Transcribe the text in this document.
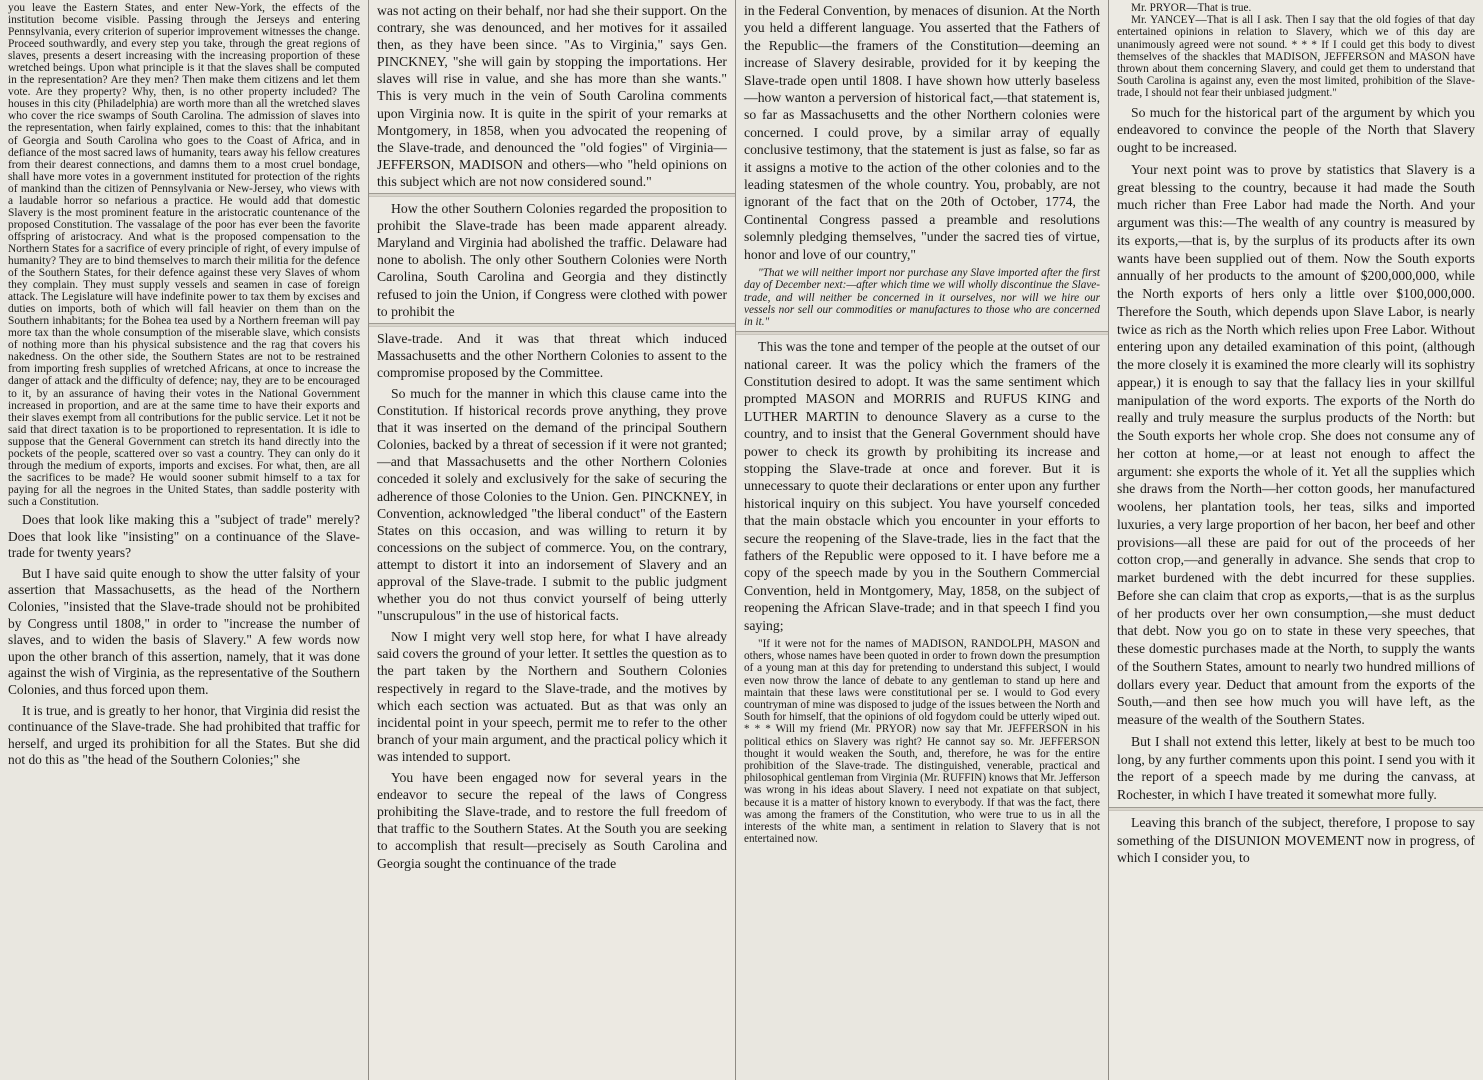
you leave the Eastern States, and enter New-York, the effects of the institution become visible. Passing through the Jerseys and entering Pennsylvania, every criterion of superior improvement witnesses the change. Proceed southwardly, and every step you take, through the great regions of slaves, presents a desert increasing with the increasing proportion of these wretched beings. Upon what principle is it that the slaves shall be computed in the representation? Are they men? Then make them citizens and let them vote. Are they property? Why, then, is no other property included? The houses in this city (Philadelphia) are worth more than all the wretched slaves who cover the rice swamps of South Carolina. The admission of slaves into the representation, when fairly explained, comes to this: that the inhabitant of Georgia and South Carolina who goes to the Coast of Africa, and in defiance of the most sacred laws of humanity, tears away his fellow creatures from their dearest connections, and damns them to a most cruel bondage, shall have more votes in a government instituted for protection of the rights of mankind than the citizen of Pennsylvania or New-Jersey, who views with a laudable horror so nefarious a practice. He would add that domestic Slavery is the most prominent feature in the aristocratic countenance of the proposed Constitution. The vassalage of the poor has ever been the favorite offspring of aristocracy. And what is the proposed compensation to the Northern States for a sacrifice of every principle of right, of every impulse of humanity? They are to bind themselves to march their militia for the defence of the Southern States, for their defence against these very Slaves of whom they complain. They must supply vessels and seamen in case of foreign attack. The Legislature will have indefinite power to tax them by excises and duties on imports, both of which will fall heavier on them than on the Southern inhabitants; for the Bohea tea used by a Northern freeman will pay more tax than the whole consumption of the miserable slave, which consists of nothing more than his physical subsistence and the rag that covers his nakedness. On the other side, the Southern States are not to be restrained from importing fresh supplies of wretched Africans, at once to increase the danger of attack and the difficulty of defence; nay, they are to be encouraged to it, by an assurance of having their votes in the National Government increased in proportion, and are at the same time to have their exports and their slaves exempt from all contributions for the public service. Let it not be said that direct taxation is to be proportioned to representation. It is idle to suppose that the General Government can stretch its hand directly into the pockets of the people, scattered over so vast a country. They can only do it through the medium of exports, imports and excises. For what, then, are all the sacrifices to be made? He would sooner submit himself to a tax for paying for all the negroes in the United States, than saddle posterity with such a Constitution.

Does that look like making this a "subject of trade" merely? Does that look like "insisting" on a continuance of the Slave-trade for twenty years?

But I have said quite enough to show the utter falsity of your assertion that Massachusetts, as the head of the Northern Colonies, "insisted that the Slave-trade should not be prohibited by Congress until 1808," in order to "increase the number of slaves, and to widen the basis of Slavery." A few words now upon the other branch of this assertion, namely, that it was done against the wish of Virginia, as the representative of the Southern Colonies, and thus forced upon them.

It is true, and is greatly to her honor, that Virginia did resist the continuance of the Slave-trade. She had prohibited that traffic for herself, and urged its prohibition for all the States. But she did not do this as "the head of the Southern Colonies;" she

was not acting on their behalf, nor had she their support. On the contrary, she was denounced, and her motives for it assailed then, as they have been since. "As to Virginia," says Gen. PINCKNEY, "she will gain by stopping the importations. Her slaves will rise in value, and she has more than she wants." This is very much in the vein of South Carolina comments upon Virginia now. It is quite in the spirit of your remarks at Montgomery, in 1858, when you advocated the reopening of the Slave-trade, and denounced the "old fogies" of Virginia—JEFFERSON, MADISON and others—who "held opinions on this subject which are not now considered sound."

How the other Southern Colonies regarded the proposition to prohibit the Slave-trade has been made apparent already. Maryland and Virginia had abolished the traffic. Delaware had none to abolish. The only other Southern Colonies were North Carolina, South Carolina and Georgia and they distinctly refused to join the Union, if Congress were clothed with power to prohibit the

Slave-trade. And it was that threat which induced Massachusetts and the other Northern Colonies to assent to the compromise proposed by the Committee.

So much for the manner in which this clause came into the Constitution. If historical records prove anything, they prove that it was inserted on the demand of the principal Southern Colonies, backed by a threat of secession if it were not granted;—and that Massachusetts and the other Northern Colonies conceded it solely and exclusively for the sake of securing the adherence of those Colonies to the Union. Gen. PINCKNEY, in Convention, acknowledged "the liberal conduct" of the Eastern States on this occasion, and was willing to return it by concessions on the subject of commerce. You, on the contrary, attempt to distort it into an indorsement of Slavery and an approval of the Slave-trade. I submit to the public judgment whether you do not thus convict yourself of being utterly "unscrupulous" in the use of historical facts.

Now I might very well stop here, for what I have already said covers the ground of your letter. It settles the question as to the part taken by the Northern and Southern Colonies respectively in regard to the Slave-trade, and the motives by which each section was actuated. But as that was only an incidental point in your speech, permit me to refer to the other branch of your main argument, and the practical policy which it was intended to support.

You have been engaged now for several years in the endeavor to secure the repeal of the laws of Congress prohibiting the Slave-trade, and to restore the full freedom of that traffic to the Southern States. At the South you are seeking to accomplish that result—precisely as South Carolina and Georgia sought the continuance of the trade

in the Federal Convention, by menaces of disunion. At the North you held a different language. You asserted that the Fathers of the Republic—the framers of the Constitution—deeming an increase of Slavery desirable, provided for it by keeping the Slave-trade open until 1808. I have shown how utterly baseless—how wanton a perversion of historical fact,—that statement is, so far as Massachusetts and the other Northern colonies were concerned. I could prove, by a similar array of equally conclusive testimony, that the statement is just as false, so far as it assigns a motive to the action of the other colonies and to the leading statesmen of the whole country. You, probably, are not ignorant of the fact that on the 20th of October, 1774, the Continental Congress passed a preamble and resolutions solemnly pledging themselves, "under the sacred ties of virtue, honor and love of our country,"

"That we will neither import nor purchase any Slave imported after the first day of December next:—after which time we will wholly discontinue the Slave-trade, and will neither be concerned in it ourselves, nor will we hire our vessels nor sell our commodities or manufactures to those who are concerned in it."

This was the tone and temper of the people at the outset of our national career. It was the policy which the framers of the Constitution desired to adopt. It was the same sentiment which prompted MASON and MORRIS and RUFUS KING and LUTHER MARTIN to denounce Slavery as a curse to the country, and to insist that the General Government should have power to check its growth by prohibiting its increase and stopping the Slave-trade at once and forever. But it is unnecessary to quote their declarations or enter upon any further historical inquiry on this subject. You have yourself conceded that the main obstacle which you encounter in your efforts to secure the reopening of the Slave-trade, lies in the fact that the fathers of the Republic were opposed to it. I have before me a copy of the speech made by you in the Southern Commercial Convention, held in Montgomery, May, 1858, on the subject of reopening the African Slave-trade; and in that speech I find you saying;

"If it were not for the names of MADISON, RANDOLPH, MASON and others, whose names have been quoted in order to frown down the presumption of a young man at this day for pretending to understand this subject, I would even now throw the lance of debate to any gentleman to stand up here and maintain that these laws were constitutional per se. I would to God every countryman of mine was disposed to judge of the issues between the North and South for himself, that the opinions of old fogydom could be utterly wiped out. * * * Will my friend (Mr. PRYOR) now say that Mr. JEFFERSON in his political ethics on Slavery was right? He cannot say so. Mr. JEFFERSON thought it would weaken the South, and, therefore, he was for the entire prohibition of the Slave-trade. The distinguished, venerable, practical and philosophical gentleman from Virginia (Mr. RUFFIN) knows that Mr. Jefferson was wrong in his ideas about Slavery. I need not expatiate on that subject, because it is a matter of history known to everybody. If that was the fact, there was among the framers of the Constitution, who were true to us in all the interests of the white man, a sentiment in relation to Slavery that is not entertained now.

Mr. PRYOR—That is true.

Mr. YANCEY—That is all I ask. Then I say that the old fogies of that day entertained opinions in relation to Slavery, which we of this day are unanimously agreed were not sound. * * * If I could get this body to divest themselves of the shackles that MADISON, JEFFERSON and MASON have thrown about them concerning Slavery, and could get them to understand that South Carolina is against any, even the most limited, prohibition of the Slave-trade, I should not fear their unbiased judgment."

So much for the historical part of the argument by which you endeavored to convince the people of the North that Slavery ought to be increased.

Your next point was to prove by statistics that Slavery is a great blessing to the country, because it had made the South much richer than Free Labor had made the North. And your argument was this:—The wealth of any country is measured by its exports,—that is, by the surplus of its products after its own wants have been supplied out of them. Now the South exports annually of her products to the amount of $200,000,000, while the North exports of hers only a little over $100,000,000. Therefore the South, which depends upon Slave Labor, is nearly twice as rich as the North which relies upon Free Labor. Without entering upon any detailed examination of this point, (although the more closely it is examined the more clearly will its sophistry appear,) it is enough to say that the fallacy lies in your skillful manipulation of the word exports. The exports of the North do really and truly measure the surplus products of the North: but the South exports her whole crop. She does not consume any of her cotton at home,—or at least not enough to affect the argument: she exports the whole of it. Yet all the supplies which she draws from the North—her cotton goods, her manufactured woolens, her plantation tools, her teas, silks and imported luxuries, a very large proportion of her bacon, her beef and other provisions—all these are paid for out of the proceeds of her cotton crop,—and generally in advance. She sends that crop to market burdened with the debt incurred for these supplies. Before she can claim that crop as exports,—that is as the surplus of her products over her own consumption,—she must deduct that debt. Now you go on to state in these very speeches, that these domestic purchases made at the North, to supply the wants of the Southern States, amount to nearly two hundred millions of dollars every year. Deduct that amount from the exports of the South,—and then see how much you will have left, as the measure of the wealth of the Southern States.

But I shall not extend this letter, likely at best to be much too long, by any further comments upon this point. I send you with it the report of a speech made by me during the canvass, at Rochester, in which I have treated it somewhat more fully.

Leaving this branch of the subject, therefore, I propose to say something of the DISUNION MOVEMENT now in progress, of which I consider you, to
